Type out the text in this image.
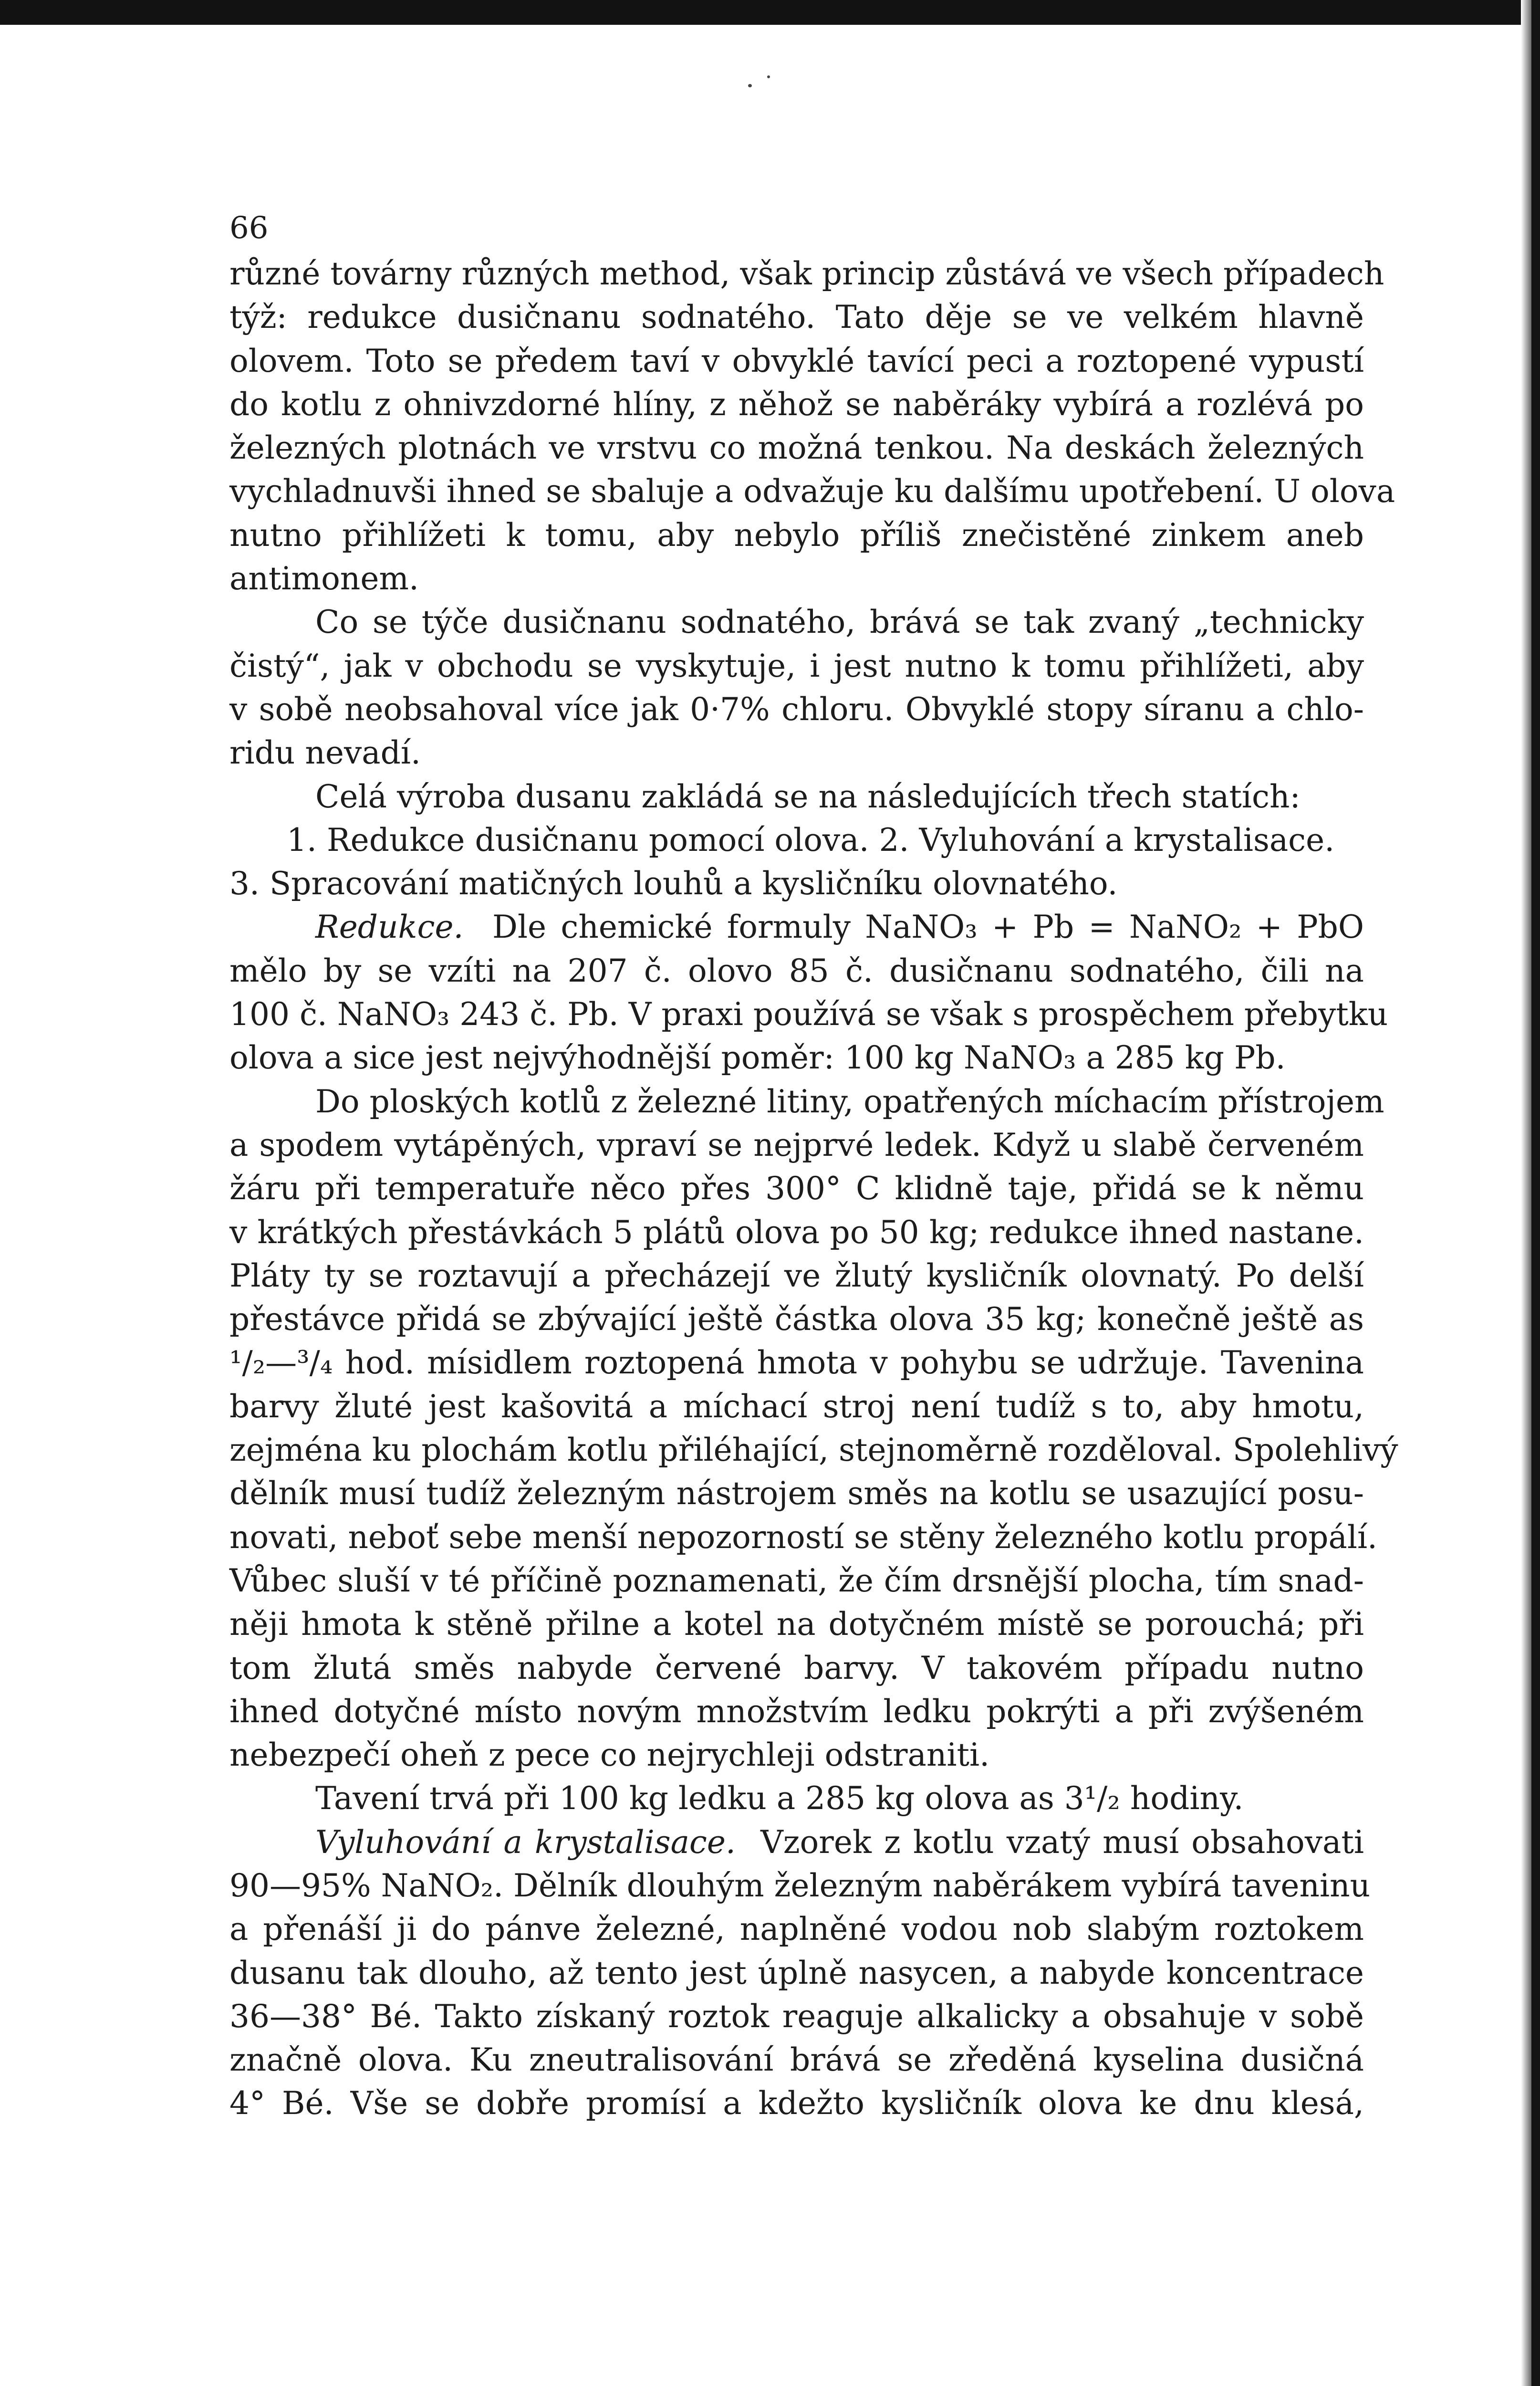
66
různé továrny různých method, však princip zůstává ve všech případech
týž: redukce dusičnanu sodnatého. Tato děje se ve velkém hlavně
olovem. Toto se předem taví v obvyklé tavící peci a roztopené vypustí
do kotlu z ohnivzdorné hlíny, z něhož se naběráky vybírá a rozlévá po
železných plotnách ve vrstvu co možná tenkou. Na deskách železných
vychladnuvši ihned se sbaluje a odvažuje ku dalšímu upotřebení. U olova
nutno přihlížeti k tomu, aby nebylo příliš znečistěné zinkem aneb
antimonem.
Co se týče dusičnanu sodnatého, brává se tak zvaný „technicky
čistý“, jak v obchodu se vyskytuje, i jest nutno k tomu přihlížeti, aby
v sobě neobsahoval více jak 0·7% chloru. Obvyklé stopy síranu a chlo-
ridu nevadí.
Celá výroba dusanu zakládá se na následujících třech statích:
1. Redukce dusičnanu pomocí olova. 2. Vyluhování a krystalisace.
3. Spracování matičných louhů a kysličníku olovnatého.
Redukce. Dle chemické formuly NaNO₃ + Pb = NaNO₂ + PbO
mělo by se vzíti na 207 č. olovo 85 č. dusičnanu sodnatého, čili na
100 č. NaNO₃ 243 č. Pb. V praxi používá se však s prospěchem přebytku
olova a sice jest nejvýhodnější poměr: 100 kg NaNO₃ a 285 kg Pb.
Do ploských kotlů z železné litiny, opatřených míchacím přístrojem
a spodem vytápěných, vpraví se nejprvé ledek. Když u slabě červeném
žáru při temperatuře něco přes 300° C klidně taje, přidá se k němu
v krátkých přestávkách 5 plátů olova po 50 kg; redukce ihned nastane.
Pláty ty se roztavují a přecházejí ve žlutý kysličník olovnatý. Po delší
přestávce přidá se zbývající ještě částka olova 35 kg; konečně ještě as
¹/₂—³/₄ hod. mísidlem roztopená hmota v pohybu se udržuje. Tavenina
barvy žluté jest kašovitá a míchací stroj není tudíž s to, aby hmotu,
zejména ku plochám kotlu přiléhající, stejnoměrně rozděloval. Spolehlivý
dělník musí tudíž železným nástrojem směs na kotlu se usazující posu-
novati, neboť sebe menší nepozorností se stěny železného kotlu propálí.
Vůbec sluší v té příčině poznamenati, že čím drsnější plocha, tím snad-
něji hmota k stěně přilne a kotel na dotyčném místě se porouchá; při
tom žlutá směs nabyde červené barvy. V takovém případu nutno
ihned dotyčné místo novým množstvím ledku pokrýti a při zvýšeném
nebezpečí oheň z pece co nejrychleji odstraniti.
Tavení trvá při 100 kg ledku a 285 kg olova as 3¹/₂ hodiny.
Vyluhování a krystalisace. Vzorek z kotlu vzatý musí obsahovati
90—95% NaNO₂. Dělník dlouhým železným naběrákem vybírá taveninu
a přenáší ji do pánve železné, naplněné vodou nob slabým roztokem
dusanu tak dlouho, až tento jest úplně nasycen, a nabyde koncentrace
36—38° Bé. Takto získaný roztok reaguje alkalicky a obsahuje v sobě
značně olova. Ku zneutralisování brává se zředěná kyselina dusičná
4° Bé. Vše se dobře promísí a kdežto kysličník olova ke dnu klesá,
